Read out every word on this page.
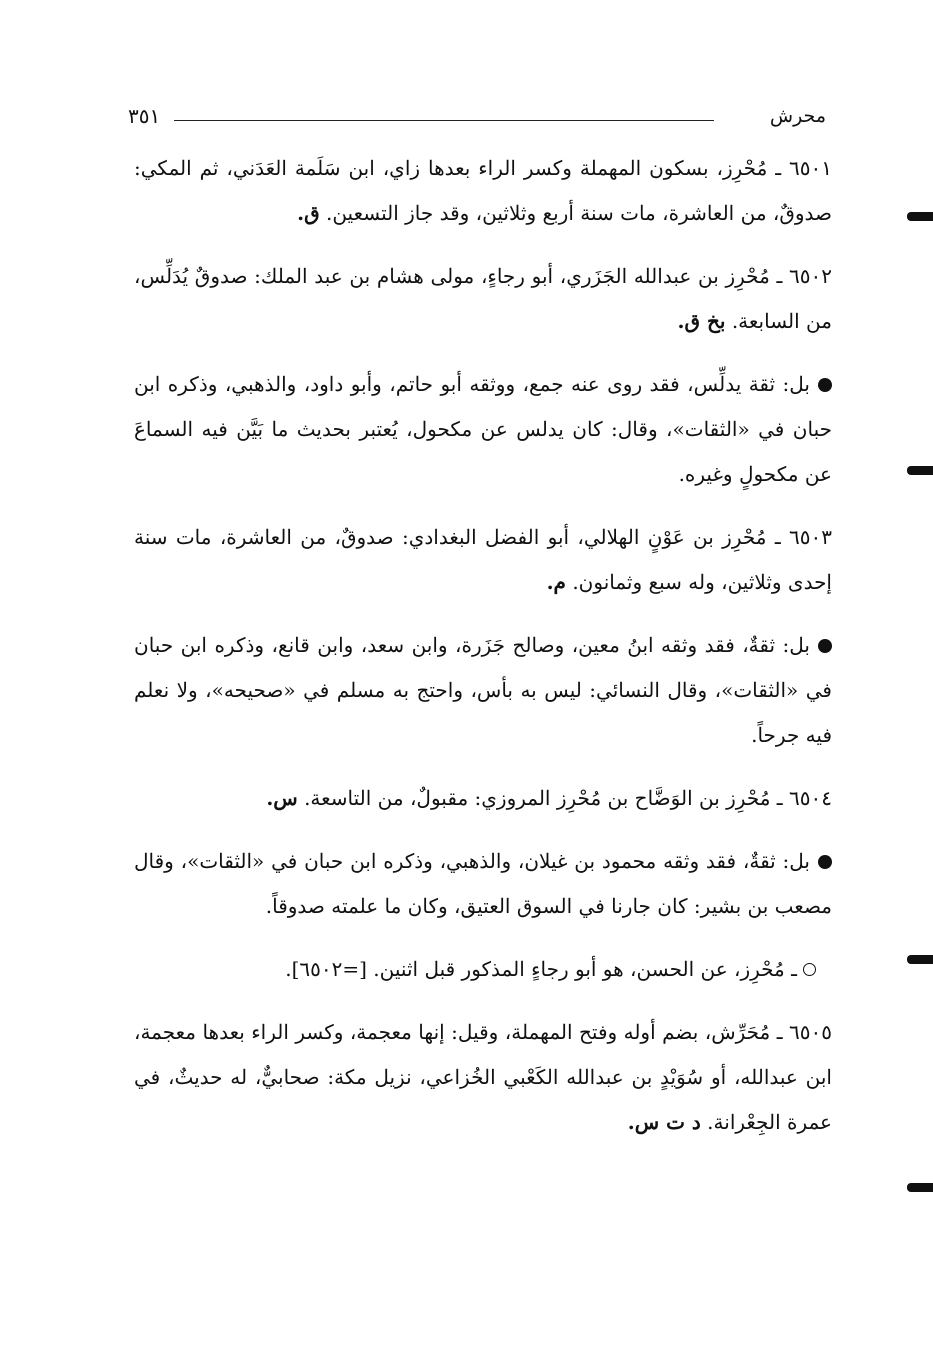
محرش
٣٥١

٦٥٠١ ـ مُحْرِز، بسكون المهملة وكسر الراء بعدها زاي، ابن سَلَمة العَدَني، ثم المكي: صدوقٌ، من العاشرة، مات سنة أربع وثلاثين، وقد جاز التسعين. ق.

٦٥٠٢ ـ مُحْرِز بن عبدالله الجَزَري، أبو رجاءٍ، مولى هشام بن عبد الملك: صدوقٌ يُدَلِّس، من السابعة. بخ ق.

بل: ثقة يدلِّس، فقد روى عنه جمع، ووثقه أبو حاتم، وأبو داود، والذهبي، وذكره ابن حبان في «الثقات»، وقال: كان يدلس عن مكحول، يُعتبر بحديث ما بَيَّن فيه السماعَ عن مكحولٍ وغيره.

٦٥٠٣ ـ مُحْرِز بن عَوْنٍ الهلالي، أبو الفضل البغدادي: صدوقٌ، من العاشرة، مات سنة إحدى وثلاثين، وله سبع وثمانون. م.

بل: ثقةٌ، فقد وثقه ابنُ معين، وصالح جَزَرة، وابن سعد، وابن قانع، وذكره ابن حبان في «الثقات»، وقال النسائي: ليس به بأس، واحتج به مسلم في «صحيحه»، ولا نعلم فيه جرحاً.

٦٥٠٤ ـ مُحْرِز بن الوَضَّاح بن مُحْرِز المروزي: مقبولٌ، من التاسعة. س.

بل: ثقةٌ، فقد وثقه محمود بن غيلان، والذهبي، وذكره ابن حبان في «الثقات»، وقال مصعب بن بشير: كان جارنا في السوق العتيق، وكان ما علمته صدوقاً.

ـ مُحْرِز، عن الحسن، هو أبو رجاءٍ المذكور قبل اثنين. [=٦٥٠٢].

٦٥٠٥ ـ مُحَرِّش، بضم أوله وفتح المهملة، وقيل: إنها معجمة، وكسر الراء بعدها معجمة، ابن عبدالله، أو سُوَيْدٍ بن عبدالله الكَعْبي الخُزاعي، نزيل مكة: صحابيٌّ، له حديثٌ، في عمرة الجِعْرانة. د ت س.
